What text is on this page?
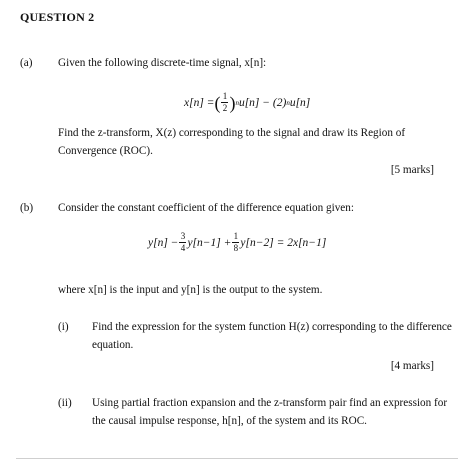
QUESTION 2
(a) Given the following discrete-time signal, x[n]:
x[n] = ( $\frac{1}{2}$ ) n u[n] − (2) n u[n]
Find the z-transform, X(z) corresponding to the signal and draw its Region of
Convergence (ROC).
[5 marks]
(b) Consider the constant coefficient of the difference equation given:
$y[n] - \frac{3}{4} y[n-1] + \frac{1}{8} y[n-2] = 2x[n-1]$
where x[n] is the input and y[n] is the output to the system.
(i) Find the expression for the system function H(z) corresponding to the difference
equation.
[4 marks]
(ii) Using partial fraction expansion and the z-transform pair find an expression for
the causal impulse response, h[n], of the system and its ROC.
